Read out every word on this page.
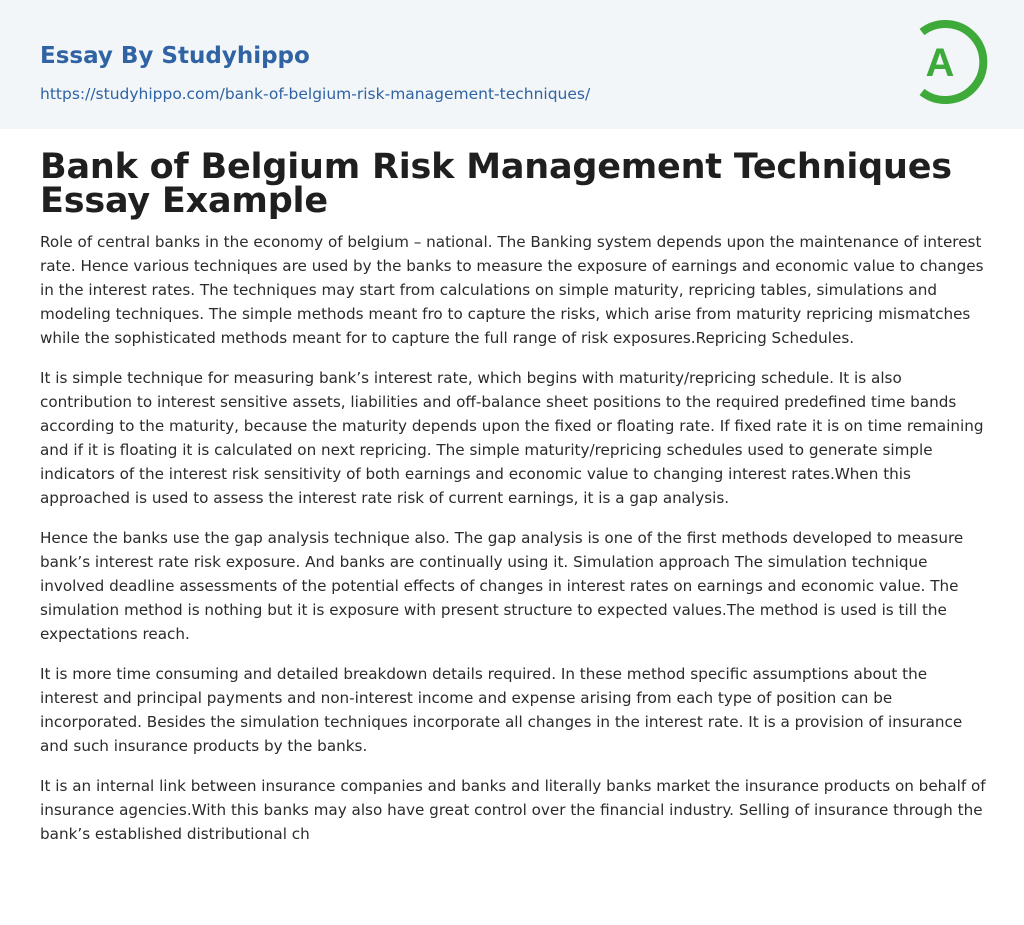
Essay By Studyhippo
https://studyhippo.com/bank-of-belgium-risk-management-techniques/
A
Bank of Belgium Risk Management Techniques Essay Example

Role of central banks in the economy of belgium – national. The Banking system depends upon the maintenance of interest rate. Hence various techniques are used by the banks to measure the exposure of earnings and economic value to changes in the interest rates. The techniques may start from calculations on simple maturity, repricing tables, simulations and modeling techniques. The simple methods meant fro to capture the risks, which arise from maturity repricing mismatches while the sophisticated methods meant for to capture the full range of risk exposures.Repricing Schedules.

It is simple technique for measuring bank’s interest rate, which begins with maturity/repricing schedule. It is also contribution to interest sensitive assets, liabilities and off-balance sheet positions to the required predefined time bands according to the maturity, because the maturity depends upon the fixed or floating rate. If fixed rate it is on time remaining and if it is floating it is calculated on next repricing. The simple maturity/repricing schedules used to generate simple indicators of the interest risk sensitivity of both earnings and economic value to changing interest rates.When this approached is used to assess the interest rate risk of current earnings, it is a gap analysis.

Hence the banks use the gap analysis technique also. The gap analysis is one of the first methods developed to measure bank’s interest rate risk exposure. And banks are continually using it. Simulation approach The simulation technique involved deadline assessments of the potential effects of changes in interest rates on earnings and economic value. The simulation method is nothing but it is exposure with present structure to expected values.The method is used is till the expectations reach.

It is more time consuming and detailed breakdown details required. In these method specific assumptions about the interest and principal payments and non-interest income and expense arising from each type of position can be incorporated. Besides the simulation techniques incorporate all changes in the interest rate. It is a provision of insurance and such insurance products by the banks.

It is an internal link between insurance companies and banks and literally banks market the insurance products on behalf of insurance agencies.With this banks may also have great control over the financial industry. Selling of insurance through the bank’s established distributional ch
